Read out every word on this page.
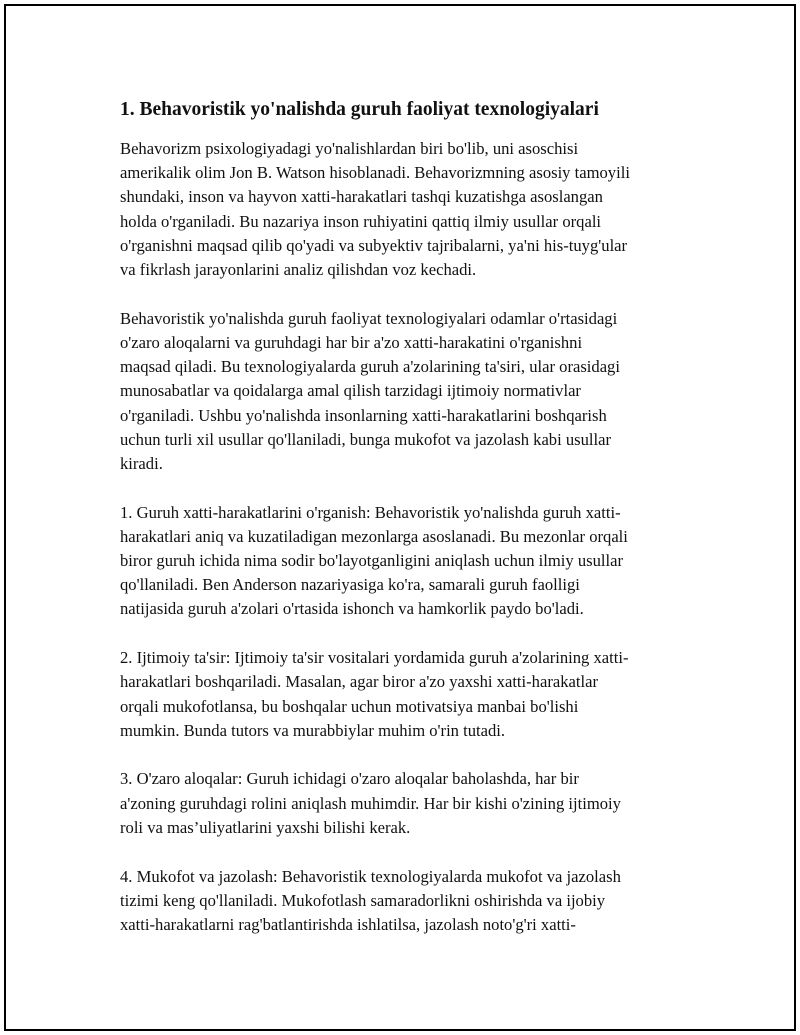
1. Behavoristik yo'nalishda guruh faoliyat texnologiyalari

Behavorizm psixologiyadagi yo'nalishlardan biri bo'lib, uni asoschisi
amerikalik olim Jon B. Watson hisoblanadi. Behavorizmning asosiy tamoyili
shundaki, inson va hayvon xatti-harakatlari tashqi kuzatishga asoslangan
holda o'rganiladi. Bu nazariya inson ruhiyatini qattiq ilmiy usullar orqali
o'rganishni maqsad qilib qo'yadi va subyektiv tajribalarni, ya'ni his-tuyg'ular
va fikrlash jarayonlarini analiz qilishdan voz kechadi.

Behavoristik yo'nalishda guruh faoliyat texnologiyalari odamlar o'rtasidagi
o'zaro aloqalarni va guruhdagi har bir a'zo xatti-harakatini o'rganishni
maqsad qiladi. Bu texnologiyalarda guruh a'zolarining ta'siri, ular orasidagi
munosabatlar va qoidalarga amal qilish tarzidagi ijtimoiy normativlar
o'rganiladi. Ushbu yo'nalishda insonlarning xatti-harakatlarini boshqarish
uchun turli xil usullar qo'llaniladi, bunga mukofot va jazolash kabi usullar
kiradi.

1. Guruh xatti-harakatlarini o'rganish: Behavoristik yo'nalishda guruh xatti-
harakatlari aniq va kuzatiladigan mezonlarga asoslanadi. Bu mezonlar orqali
biror guruh ichida nima sodir bo'layotganligini aniqlash uchun ilmiy usullar
qo'llaniladi. Ben Anderson nazariyasiga ko'ra, samarali guruh faolligi
natijasida guruh a'zolari o'rtasida ishonch va hamkorlik paydo bo'ladi.

2. Ijtimoiy ta'sir: Ijtimoiy ta'sir vositalari yordamida guruh a'zolarining xatti-
harakatlari boshqariladi. Masalan, agar biror a'zo yaxshi xatti-harakatlar
orqali mukofotlansa, bu boshqalar uchun motivatsiya manbai bo'lishi
mumkin. Bunda tutors va murabbiylar muhim o'rin tutadi.

3. O'zaro aloqalar: Guruh ichidagi o'zaro aloqalar baholashda, har bir
a'zoning guruhdagi rolini aniqlash muhimdir. Har bir kishi o'zining ijtimoiy
roli va mas’uliyatlarini yaxshi bilishi kerak.

4. Mukofot va jazolash: Behavoristik texnologiyalarda mukofot va jazolash
tizimi keng qo'llaniladi. Mukofotlash samaradorlikni oshirishda va ijobiy
xatti-harakatlarni rag'batlantirishda ishlatilsa, jazolash noto'g'ri xatti-
